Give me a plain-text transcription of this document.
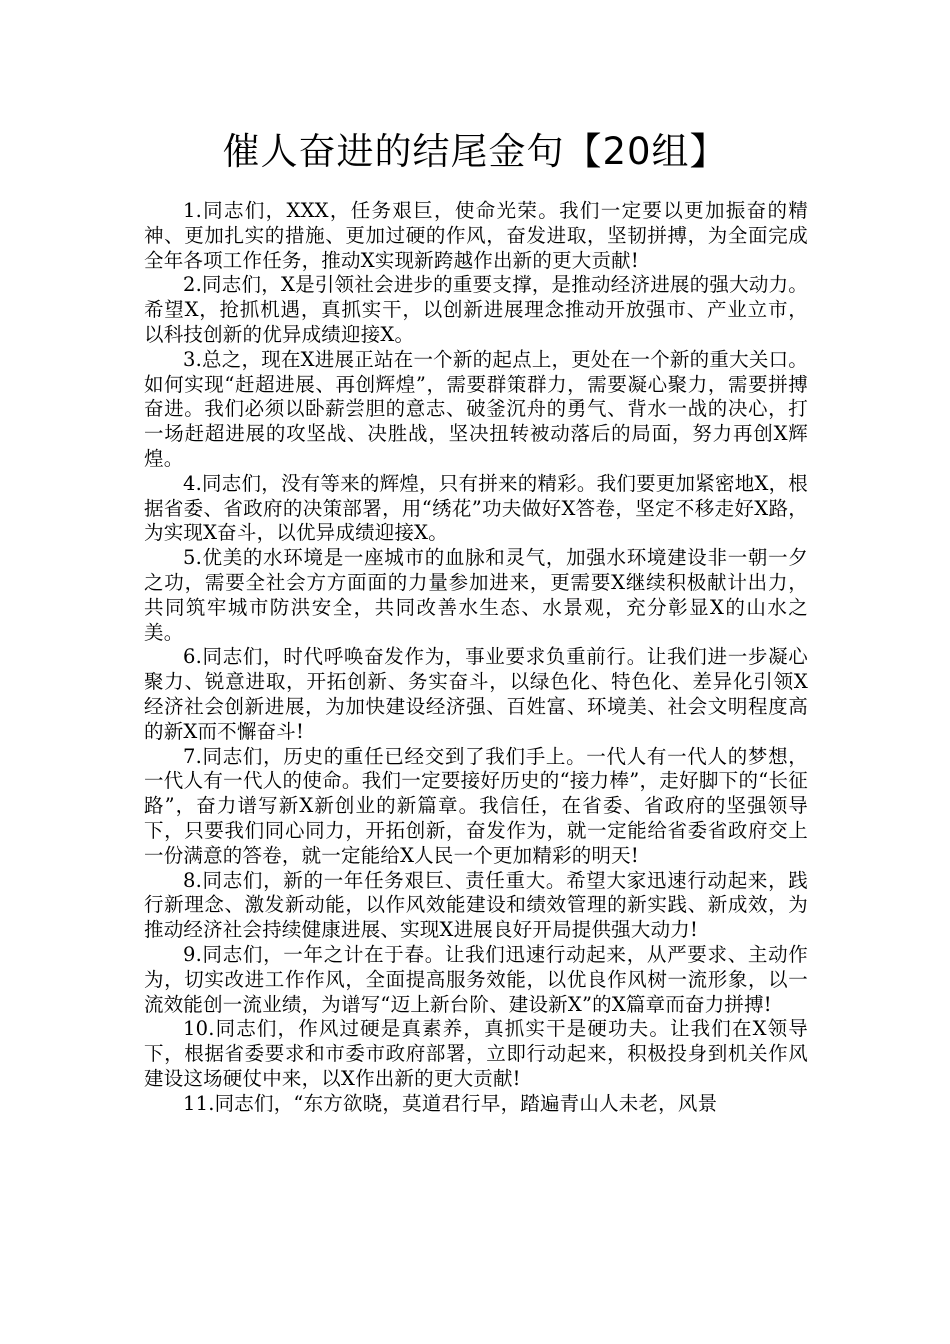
催人奋进的结尾金句【20组】

1.同志们，XXX，任务艰巨，使命光荣。我们一定要以更加振奋的精神、更加扎实的措施、更加过硬的作风，奋发进取，坚韧拼搏，为全面完成全年各项工作任务，推动X实现新跨越作出新的更大贡献!

2.同志们，X是引领社会进步的重要支撑，是推动经济进展的强大动力。希望X，抢抓机遇，真抓实干，以创新进展理念推动开放强市、产业立市，以科技创新的优异成绩迎接X。

3.总之，现在X进展正站在一个新的起点上，更处在一个新的重大关口。如何实现“赶超进展、再创辉煌”，需要群策群力，需要凝心聚力，需要拼搏奋进。我们必须以卧薪尝胆的意志、破釜沉舟的勇气、背水一战的决心，打一场赶超进展的攻坚战、决胜战，坚决扭转被动落后的局面，努力再创X辉煌。

4.同志们，没有等来的辉煌，只有拼来的精彩。我们要更加紧密地X，根据省委、省政府的决策部署，用“绣花”功夫做好X答卷，坚定不移走好X路，为实现X奋斗，以优异成绩迎接X。

5.优美的水环境是一座城市的血脉和灵气，加强水环境建设非一朝一夕之功，需要全社会方方面面的力量参加进来，更需要X继续积极献计出力，共同筑牢城市防洪安全，共同改善水生态、水景观，充分彰显X的山水之美。

6.同志们，时代呼唤奋发作为，事业要求负重前行。让我们进一步凝心聚力、锐意进取，开拓创新、务实奋斗，以绿色化、特色化、差异化引领X经济社会创新进展，为加快建设经济强、百姓富、环境美、社会文明程度高的新X而不懈奋斗!

7.同志们，历史的重任已经交到了我们手上。一代人有一代人的梦想，一代人有一代人的使命。我们一定要接好历史的“接力棒”，走好脚下的“长征路”，奋力谱写新X新创业的新篇章。我信任，在省委、省政府的坚强领导下，只要我们同心同力，开拓创新，奋发作为，就一定能给省委省政府交上一份满意的答卷，就一定能给X人民一个更加精彩的明天!

8.同志们，新的一年任务艰巨、责任重大。希望大家迅速行动起来，践行新理念、激发新动能，以作风效能建设和绩效管理的新实践、新成效，为推动经济社会持续健康进展、实现X进展良好开局提供强大动力!

9.同志们，一年之计在于春。让我们迅速行动起来，从严要求、主动作为，切实改进工作作风，全面提高服务效能，以优良作风树一流形象，以一流效能创一流业绩，为谱写“迈上新台阶、建设新X”的X篇章而奋力拼搏!

10.同志们，作风过硬是真素养，真抓实干是硬功夫。让我们在X领导下，根据省委要求和市委市政府部署，立即行动起来，积极投身到机关作风建设这场硬仗中来，以X作出新的更大贡献!

11.同志们，“东方欲晓，莫道君行早，踏遍青山人未老，风景
